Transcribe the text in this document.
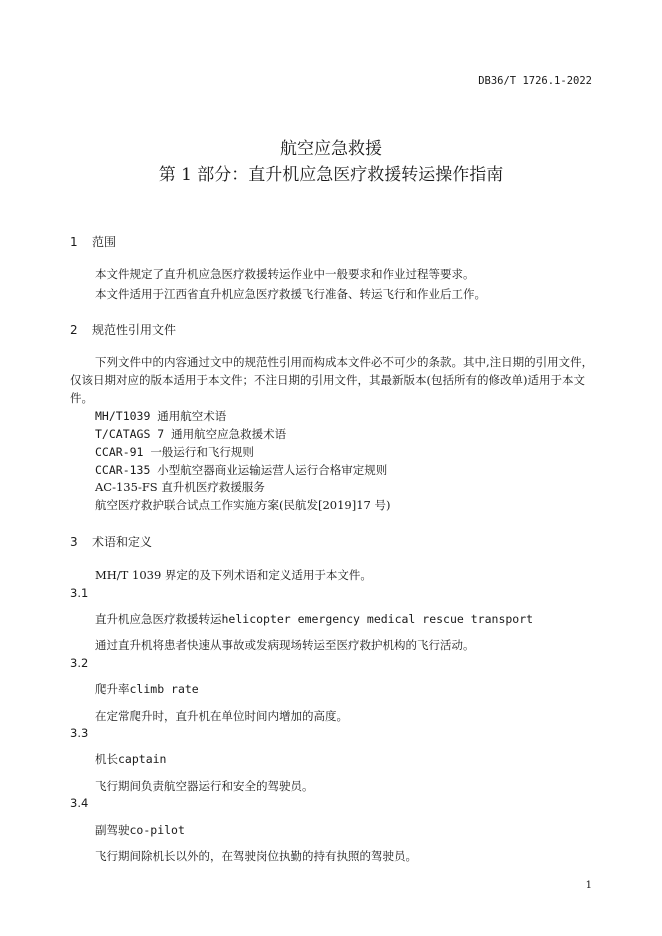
DB36/T 1726.1-2022
航空应急救援
第 1 部分：直升机应急医疗救援转运操作指南
1 范围
本文件规定了直升机应急医疗救援转运作业中一般要求和作业过程等要求。
本文件适用于江西省直升机应急医疗救援飞行准备、转运飞行和作业后工作。
2 规范性引用文件
下列文件中的内容通过文中的规范性引用而构成本文件必不可少的条款。其中,注日期的引用文件，仅该日期对应的版本适用于本文件；不注日期的引用文件，其最新版本(包括所有的修改单)适用于本文件。
MH/T1039 通用航空术语
T/CATAGS 7 通用航空应急救援术语
CCAR-91 一般运行和飞行规则
CCAR-135 小型航空器商业运输运营人运行合格审定规则
AC-135-FS 直升机医疗救援服务
航空医疗救护联合试点工作实施方案(民航发[2019]17 号)
3 术语和定义
MH/T 1039 界定的及下列术语和定义适用于本文件。
3.1
直升机应急医疗救援转运helicopter emergency medical rescue transport
通过直升机将患者快速从事故或发病现场转运至医疗救护机构的飞行活动。
3.2
爬升率climb rate
在定常爬升时，直升机在单位时间内增加的高度。
3.3
机长captain
飞行期间负责航空器运行和安全的驾驶员。
3.4
副驾驶co-pilot
飞行期间除机长以外的，在驾驶岗位执勤的持有执照的驾驶员。
1
